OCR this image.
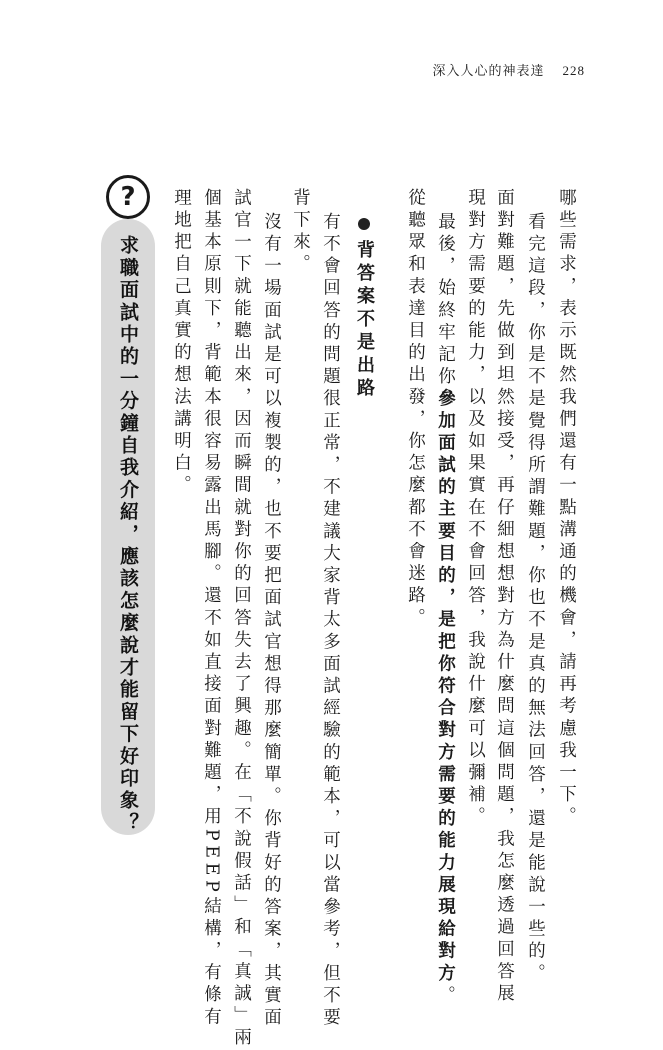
深入人心的神表達 228
哪些需求，表示既然我們還有一點溝通的機會，請再考慮我一下。
看完這段，你是不是覺得所謂難題，你也不是真的無法回答，還是能說一些的。
面對難題，先做到坦然接受，再仔細想想對方為什麼問這個問題，我怎麼透過回答展
現對方需要的能力，以及如果實在不會回答，我說什麼可以彌補。
最後，始終牢記你參加面試的主要目的，是把你符合對方需要的能力展現給對方。
從聽眾和表達目的出發，你怎麼都不會迷路。
背答案不是出路
有不會回答的問題很正常，不建議大家背太多面試經驗的範本，可以當參考，但不要
背下來。
沒有一場面試是可以複製的，也不要把面試官想得那麼簡單。你背好的答案，其實面
試官一下就能聽出來，因而瞬間就對你的回答失去了興趣。在「不說假話」和「真誠」兩
個基本原則下，背範本很容易露出馬腳。還不如直接面對難題，用PEEP結構，有條有
理地把自己真實的想法講明白。
?
求職面試中的一分鐘自我介紹，應該怎麼說才能留下好印象？
